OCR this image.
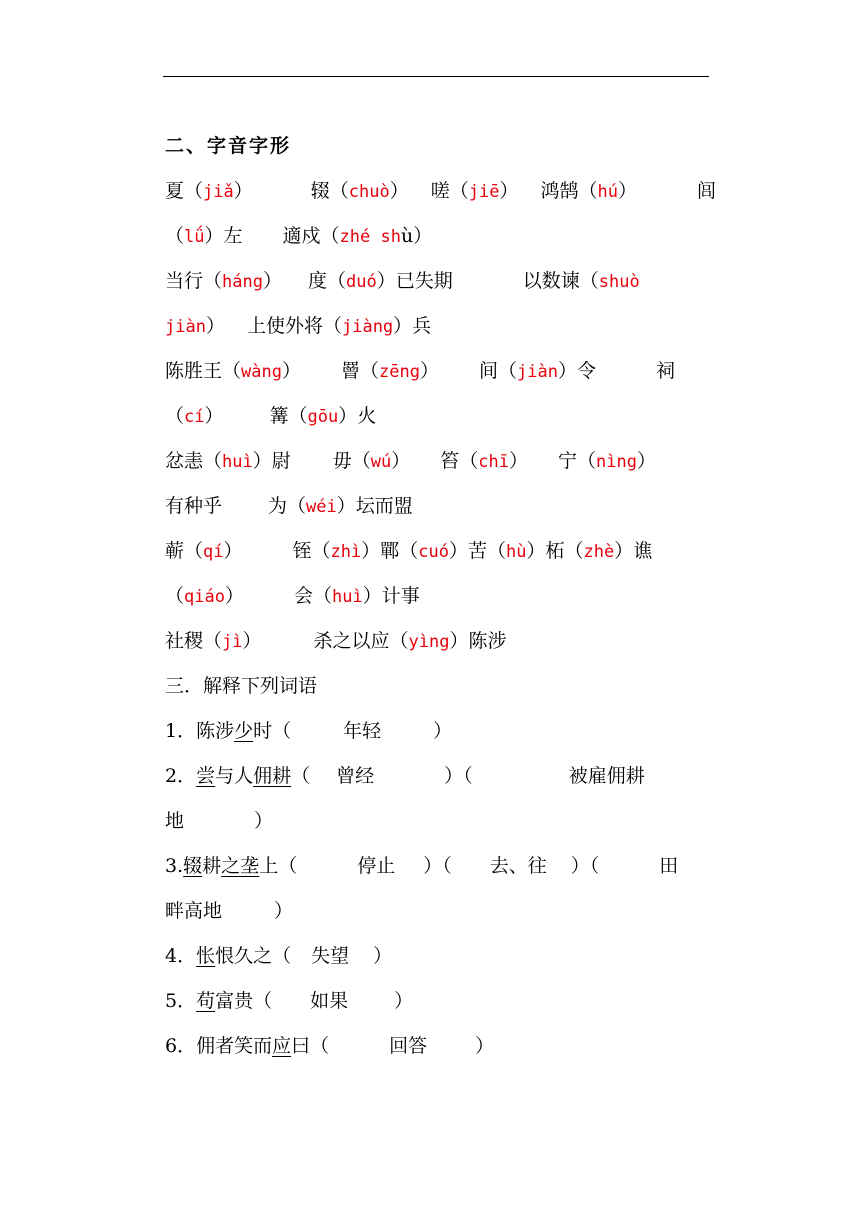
二、字音字形
夏（jiǎ）	辍（chuò） 嗟（jiē） 鸿鹄（hú）	闾
（lǘ）左 適戍（zhé shù）
当行（háng） 度（duó）已失期	以数谏（shuò
jiàn） 上使外将（jiàng）兵
陈胜王（wàng） 罾（zēng） 间（jiàn）令	祠
（cí） 篝（gōu）火
忿恚（huì）尉 毋（wú） 笞（chī） 宁（nìng）
有种乎 为（wéi）坛而盟
蕲（qí）	铚（zhì）鄲（cuó）苦（hù）柘（zhè）谯
（qiáo）	会（huì）计事
社稷（jì）	杀之以应（yìng）陈涉
三．解释下列词语
1．陈涉少时（	年轻	）
2．尝与人佣耕（ 曾经	）（	被雇佣耕
地	）
3.辍耕之垄上（	停止 ）（ 去、往 ）（	田
畔高地	）
4．怅恨久之（ 失望 ）
5．苟富贵（ 如果 ）
6．佣者笑而应曰（	回答	）
